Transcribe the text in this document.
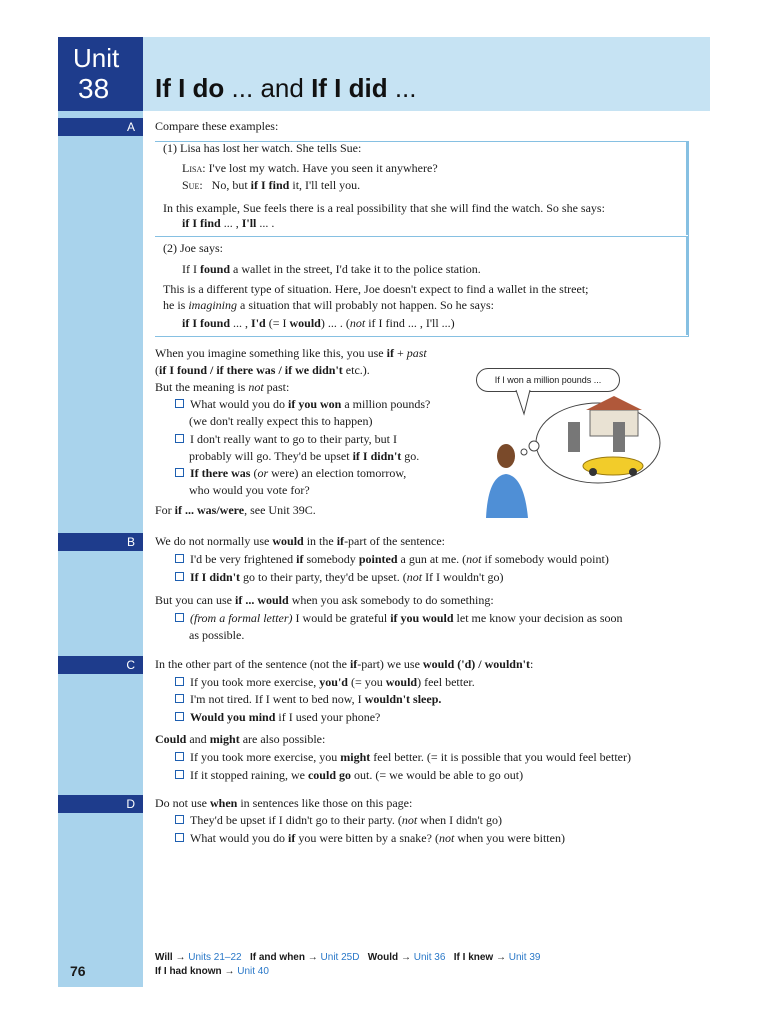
Unit
38 If I do ... and If I did ...
A
B
C
D
Compare these examples:
(1) Lisa has lost her watch. She tells Sue:
Lisa: I've lost my watch. Have you seen it anywhere?
Sue: No, but if I find it, I'll tell you.
In this example, Sue feels there is a real possibility that she will find the watch. So she says:
if I find ... , I'll ... .
(2) Joe says:
If I found a wallet in the street, I'd take it to the police station.
This is a different type of situation. Here, Joe doesn't expect to find a wallet in the street;
he is imagining a situation that will probably not happen. So he says:
if I found ... , I'd (= I would) ... . (not if I find ... , I'll ...)
When you imagine something like this, you use if + past
(if I found / if there was / if we didn't etc.).
But the meaning is not past:
What would you do if you won a million pounds?
(we don't really expect this to happen)
I don't really want to go to their party, but I
probably will go. They'd be upset if I didn't go.
If there was (or were) an election tomorrow,
who would you vote for?
For if ... was/were, see Unit 39C.
If I won a million pounds ...
We do not normally use would in the if-part of the sentence:
I'd be very frightened if somebody pointed a gun at me. (not if somebody would point)
If I didn't go to their party, they'd be upset. (not If I wouldn't go)
But you can use if ... would when you ask somebody to do something:
(from a formal letter) I would be grateful if you would let me know your decision as soon
as possible.
In the other part of the sentence (not the if-part) we use would ('d) / wouldn't:
If you took more exercise, you'd (= you would) feel better.
I'm not tired. If I went to bed now, I wouldn't sleep.
Would you mind if I used your phone?
Could and might are also possible:
If you took more exercise, you might feel better. (= it is possible that you would feel better)
If it stopped raining, we could go out. (= we would be able to go out)
Do not use when in sentences like those on this page:
They'd be upset if I didn't go to their party. (not when I didn't go)
What would you do if you were bitten by a snake? (not when you were bitten)
Will → Units 21–22 If and when → Unit 25D Would → Unit 36 If I knew → Unit 39
If I had known → Unit 40
76
